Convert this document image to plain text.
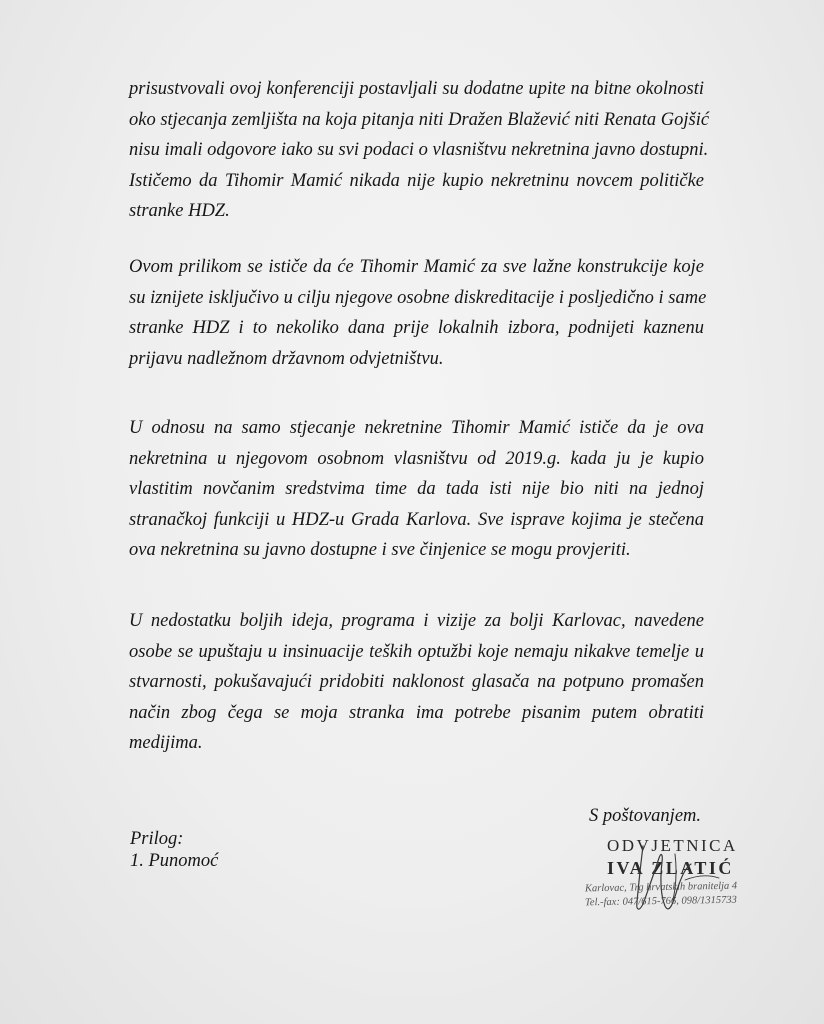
prisustvovali ovoj konferenciji postavljali su dodatne upite na bitne okolnosti
oko stjecanja zemljišta na koja pitanja niti Dražen Blažević niti Renata Gojšić
nisu imali odgovore iako su svi podaci o vlasništvu nekretnina javno dostupni.
Ističemo da Tihomir Mamić nikada nije kupio nekretninu novcem političke
stranke HDZ.
Ovom prilikom se ističe da će Tihomir Mamić za sve lažne konstrukcije koje
su iznijete isključivo u cilju njegove osobne diskreditacije i posljedično i same
stranke HDZ i to nekoliko dana prije lokalnih izbora, podnijeti kaznenu
prijavu nadležnom državnom odvjetništvu.
U odnosu na samo stjecanje nekretnine Tihomir Mamić ističe da je ova
nekretnina u njegovom osobnom vlasništvu od 2019.g. kada ju je kupio
vlastitim novčanim sredstvima time da tada isti nije bio niti na jednoj
stranačkoj funkciji u HDZ-u Grada Karlova. Sve isprave kojima je stečena
ova nekretnina su javno dostupne i sve činjenice se mogu provjeriti.
U nedostatku boljih ideja, programa i vizije za bolji Karlovac, navedene
osobe se upuštaju u insinuacije teških optužbi koje nemaju nikakve temelje u
stvarnosti, pokušavajući pridobiti naklonost glasača na potpuno promašen
način zbog čega se moja stranka ima potrebe pisanim putem obratiti
medijima.
S poštovanjem.
Prilog:
1. Punomoć
ODVJETNICA
IVA ZLATIĆ
Karlovac, Trg hrvatskih branitelja 4
Tel.-fax: 047/615-766, 098/1315733
